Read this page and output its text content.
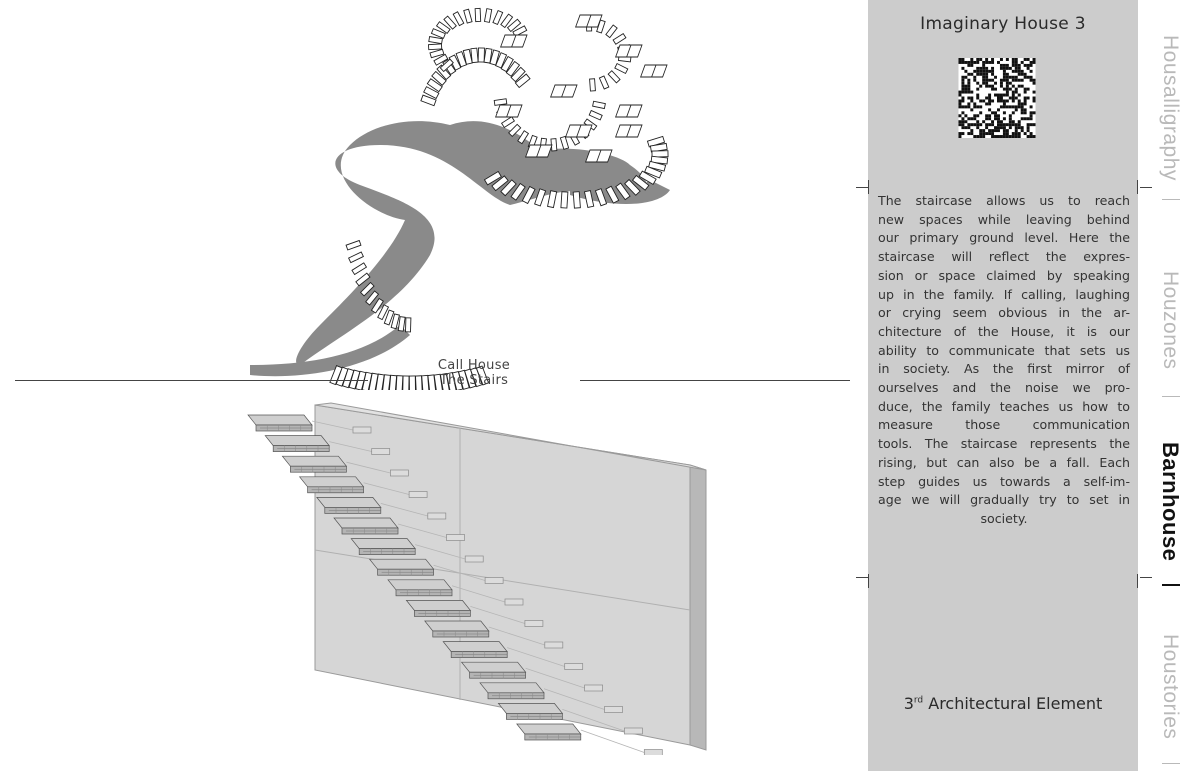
Call House
The Stairs
Imaginary House 3
The staircase allows us to reach
new spaces while leaving behind
our primary ground level. Here the
staircase will reflect the expres-
sion or space claimed by speaking
up in the family. If calling, laughing
or crying seem obvious in the ar-
chitecture of the House, it is our
ability to communicate that sets us
in society. As the first mirror of
ourselves and the noise we pro-
duce, the family teaches us how to
measure those communication
tools. The staircase represents the
rising, but can also be a fall. Each
step guides us towards a self-im-
age we will gradually try to set in
society.
3rd Architectural Element
Housalligraphy
Houzones
Barnhouse
Houstories
